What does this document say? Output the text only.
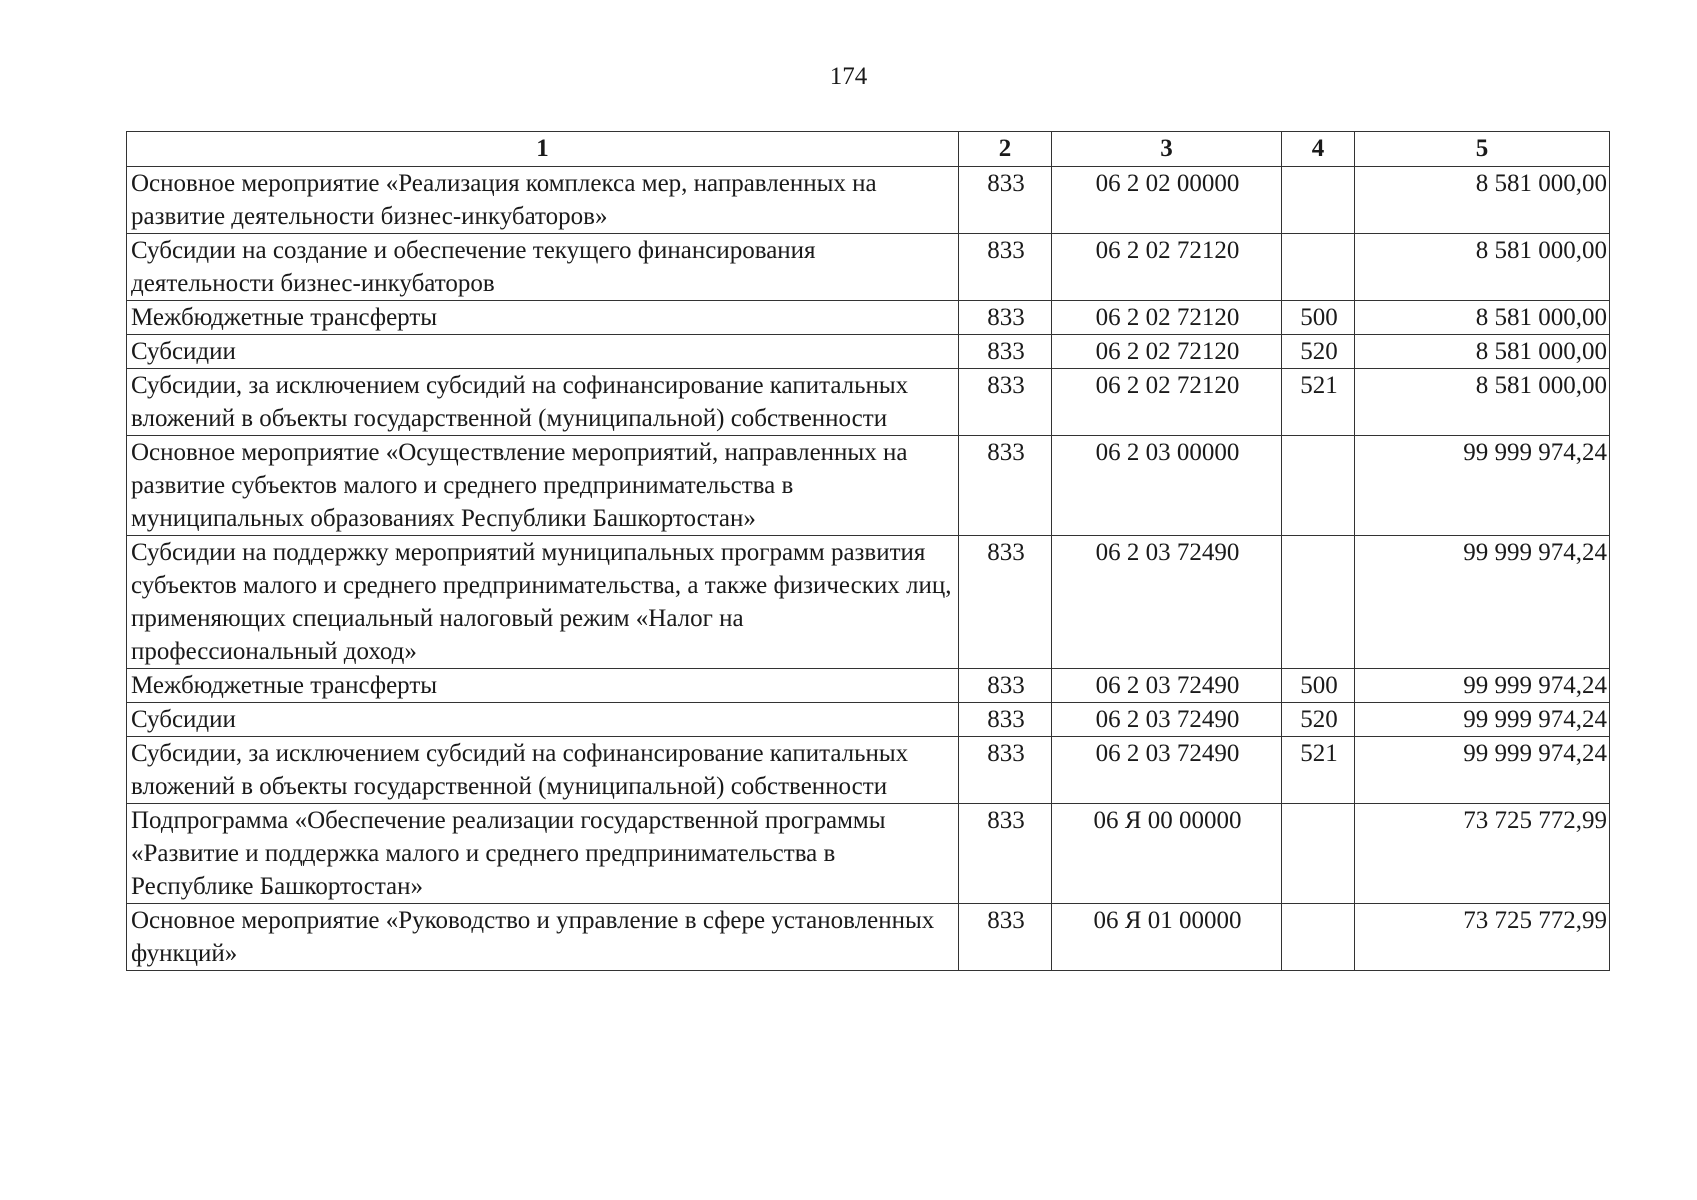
174
1	2	3	4	5
Основное мероприятие «Реализация комплекса мер, направленных на развитие деятельности бизнес-инкубаторов»	833	06 2 02 00000		8 581 000,00
Субсидии на создание и обеспечение текущего финансирования деятельности бизнес-инкубаторов	833	06 2 02 72120		8 581 000,00
Межбюджетные трансферты	833	06 2 02 72120	500	8 581 000,00
Субсидии	833	06 2 02 72120	520	8 581 000,00
Субсидии, за исключением субсидий на софинансирование капитальных вложений в объекты государственной (муниципальной) собственности	833	06 2 02 72120	521	8 581 000,00
Основное мероприятие «Осуществление мероприятий, направленных на развитие субъектов малого и среднего предпринимательства в муниципальных образованиях Республики Башкортостан»	833	06 2 03 00000		99 999 974,24
Субсидии на поддержку мероприятий муниципальных программ развития субъектов малого и среднего предпринимательства, а также физических лиц, применяющих специальный налоговый режим «Налог на профессиональный доход»	833	06 2 03 72490		99 999 974,24
Межбюджетные трансферты	833	06 2 03 72490	500	99 999 974,24
Субсидии	833	06 2 03 72490	520	99 999 974,24
Субсидии, за исключением субсидий на софинансирование капитальных вложений в объекты государственной (муниципальной) собственности	833	06 2 03 72490	521	99 999 974,24
Подпрограмма «Обеспечение реализации государственной программы «Развитие и поддержка малого и среднего предпринимательства в Республике Башкортостан»	833	06 Я 00 00000		73 725 772,99
Основное мероприятие «Руководство и управление в сфере установленных функций»	833	06 Я 01 00000		73 725 772,99
